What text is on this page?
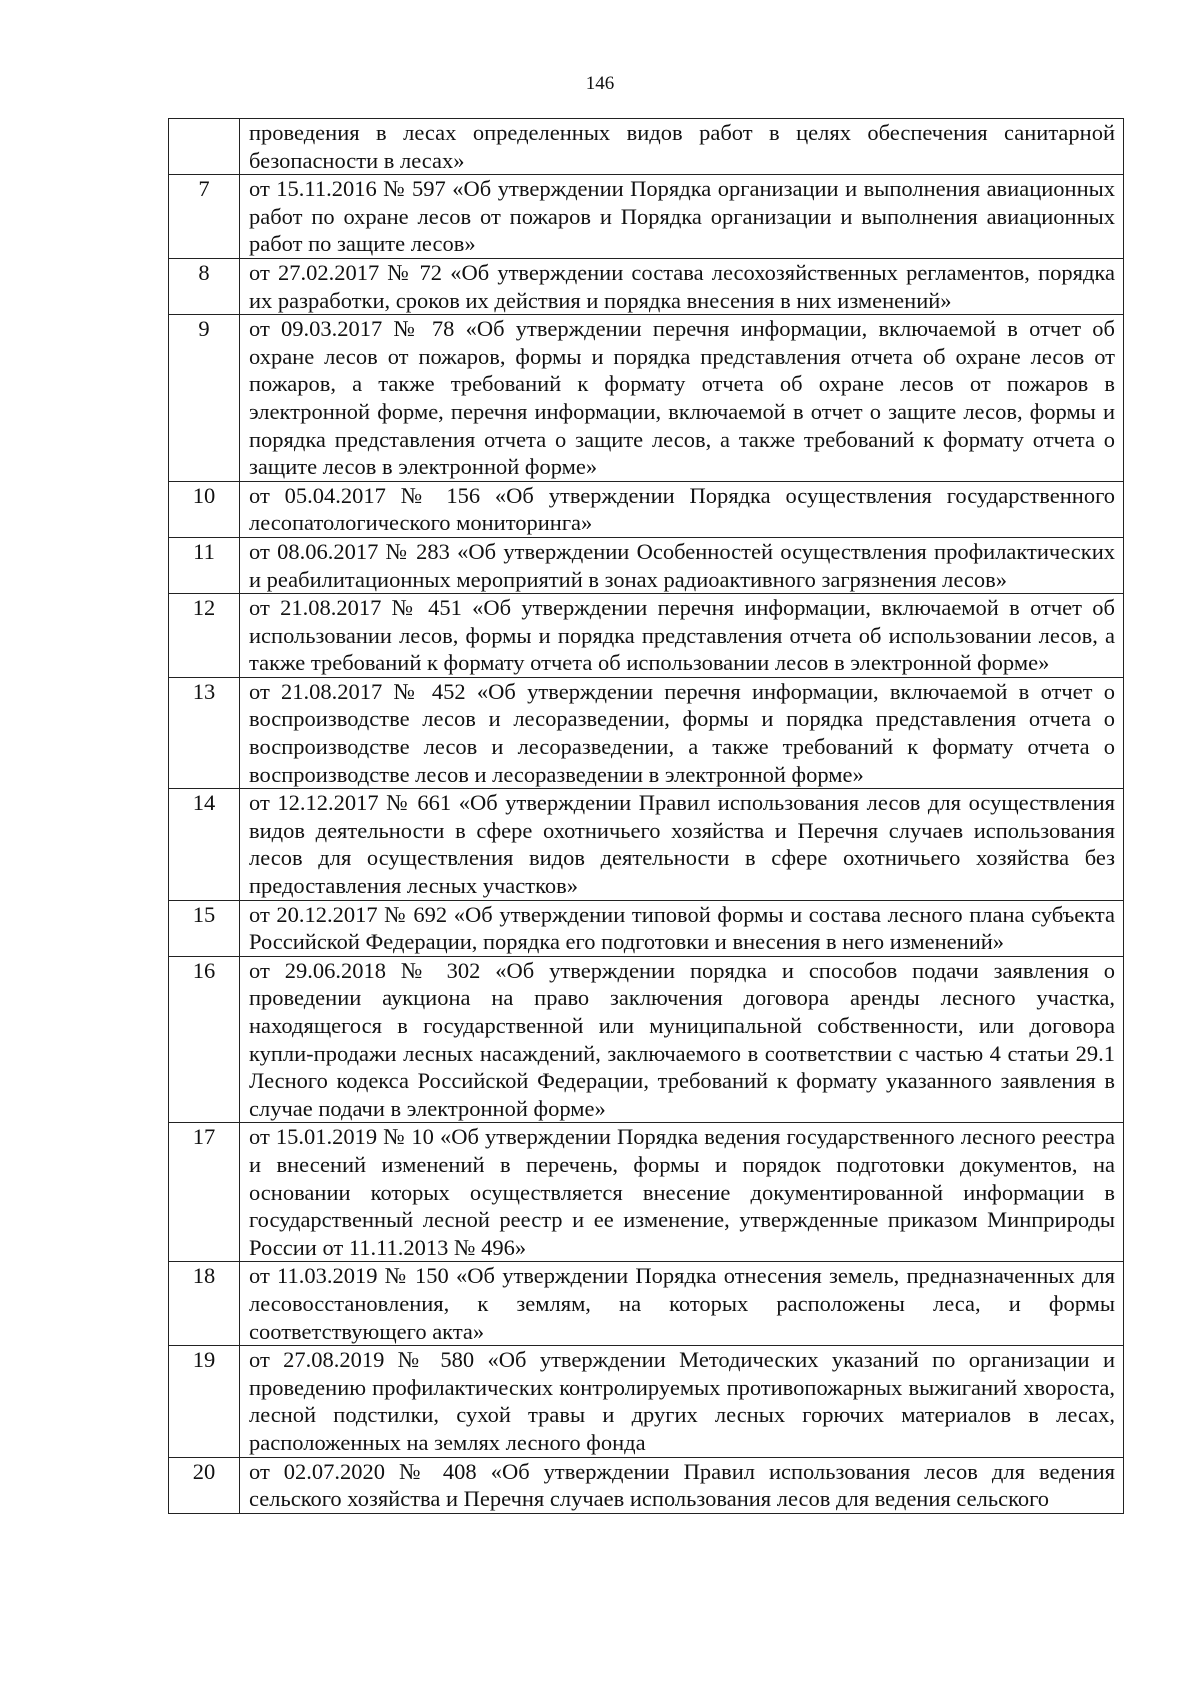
146
	проведения в лесах определенных видов работ в целях обеспечения санитарной безопасности в лесах»
7	от 15.11.2016 № 597 «Об утверждении Порядка организации и выполнения авиационных работ по охране лесов от пожаров и Порядка организации и выполнения авиационных работ по защите лесов»
8	от 27.02.2017 № 72 «Об утверждении состава лесохозяйственных регламентов, порядка их разработки, сроков их действия и порядка внесения в них изменений»
9	от 09.03.2017 № 78 «Об утверждении перечня информации, включаемой в отчет об охране лесов от пожаров, формы и порядка представления отчета об охране лесов от пожаров, а также требований к формату отчета об охране лесов от пожаров в электронной форме, перечня информации, включаемой в отчет о защите лесов, формы и порядка представления отчета о защите лесов, а также требований к формату отчета о защите лесов в электронной форме»
10	от 05.04.2017 № 156 «Об утверждении Порядка осуществления государственного лесопатологического мониторинга»
11	от 08.06.2017 № 283 «Об утверждении Особенностей осуществления профилактических и реабилитационных мероприятий в зонах радиоактивного загрязнения лесов»
12	от 21.08.2017 № 451 «Об утверждении перечня информации, включаемой в отчет об использовании лесов, формы и порядка представления отчета об использовании лесов, а также требований к формату отчета об использовании лесов в электронной форме»
13	от 21.08.2017 № 452 «Об утверждении перечня информации, включаемой в отчет о воспроизводстве лесов и лесоразведении, формы и порядка представления отчета о воспроизводстве лесов и лесоразведении, а также требований к формату отчета о воспроизводстве лесов и лесоразведении в электронной форме»
14	от 12.12.2017 № 661 «Об утверждении Правил использования лесов для осуществления видов деятельности в сфере охотничьего хозяйства и Перечня случаев использования лесов для осуществления видов деятельности в сфере охотничьего хозяйства без предоставления лесных участков»
15	от 20.12.2017 № 692 «Об утверждении типовой формы и состава лесного плана субъекта Российской Федерации, порядка его подготовки и внесения в него изменений»
16	от 29.06.2018 № 302 «Об утверждении порядка и способов подачи заявления о проведении аукциона на право заключения договора аренды лесного участка, находящегося в государственной или муниципальной собственности, или договора купли-продажи лесных насаждений, заключаемого в соответствии с частью 4 статьи 29.1 Лесного кодекса Российской Федерации, требований к формату указанного заявления в случае подачи в электронной форме»
17	от 15.01.2019 № 10 «Об утверждении Порядка ведения государственного лесного реестра и внесений изменений в перечень, формы и порядок подготовки документов, на основании которых осуществляется внесение документированной информации в государственный лесной реестр и ее изменение, утвержденные приказом Минприроды России от 11.11.2013 № 496»
18	от 11.03.2019 № 150 «Об утверждении Порядка отнесения земель, предназначенных для лесовосстановления, к землям, на которых расположены леса, и формы соответствующего акта»
19	от 27.08.2019 № 580 «Об утверждении Методических указаний по организации и проведению профилактических контролируемых противопожарных выжиганий хвороста, лесной подстилки, сухой травы и других лесных горючих материалов в лесах, расположенных на землях лесного фонда
20	от 02.07.2020 № 408 «Об утверждении Правил использования лесов для ведения сельского хозяйства и Перечня случаев использования лесов для ведения сельского
